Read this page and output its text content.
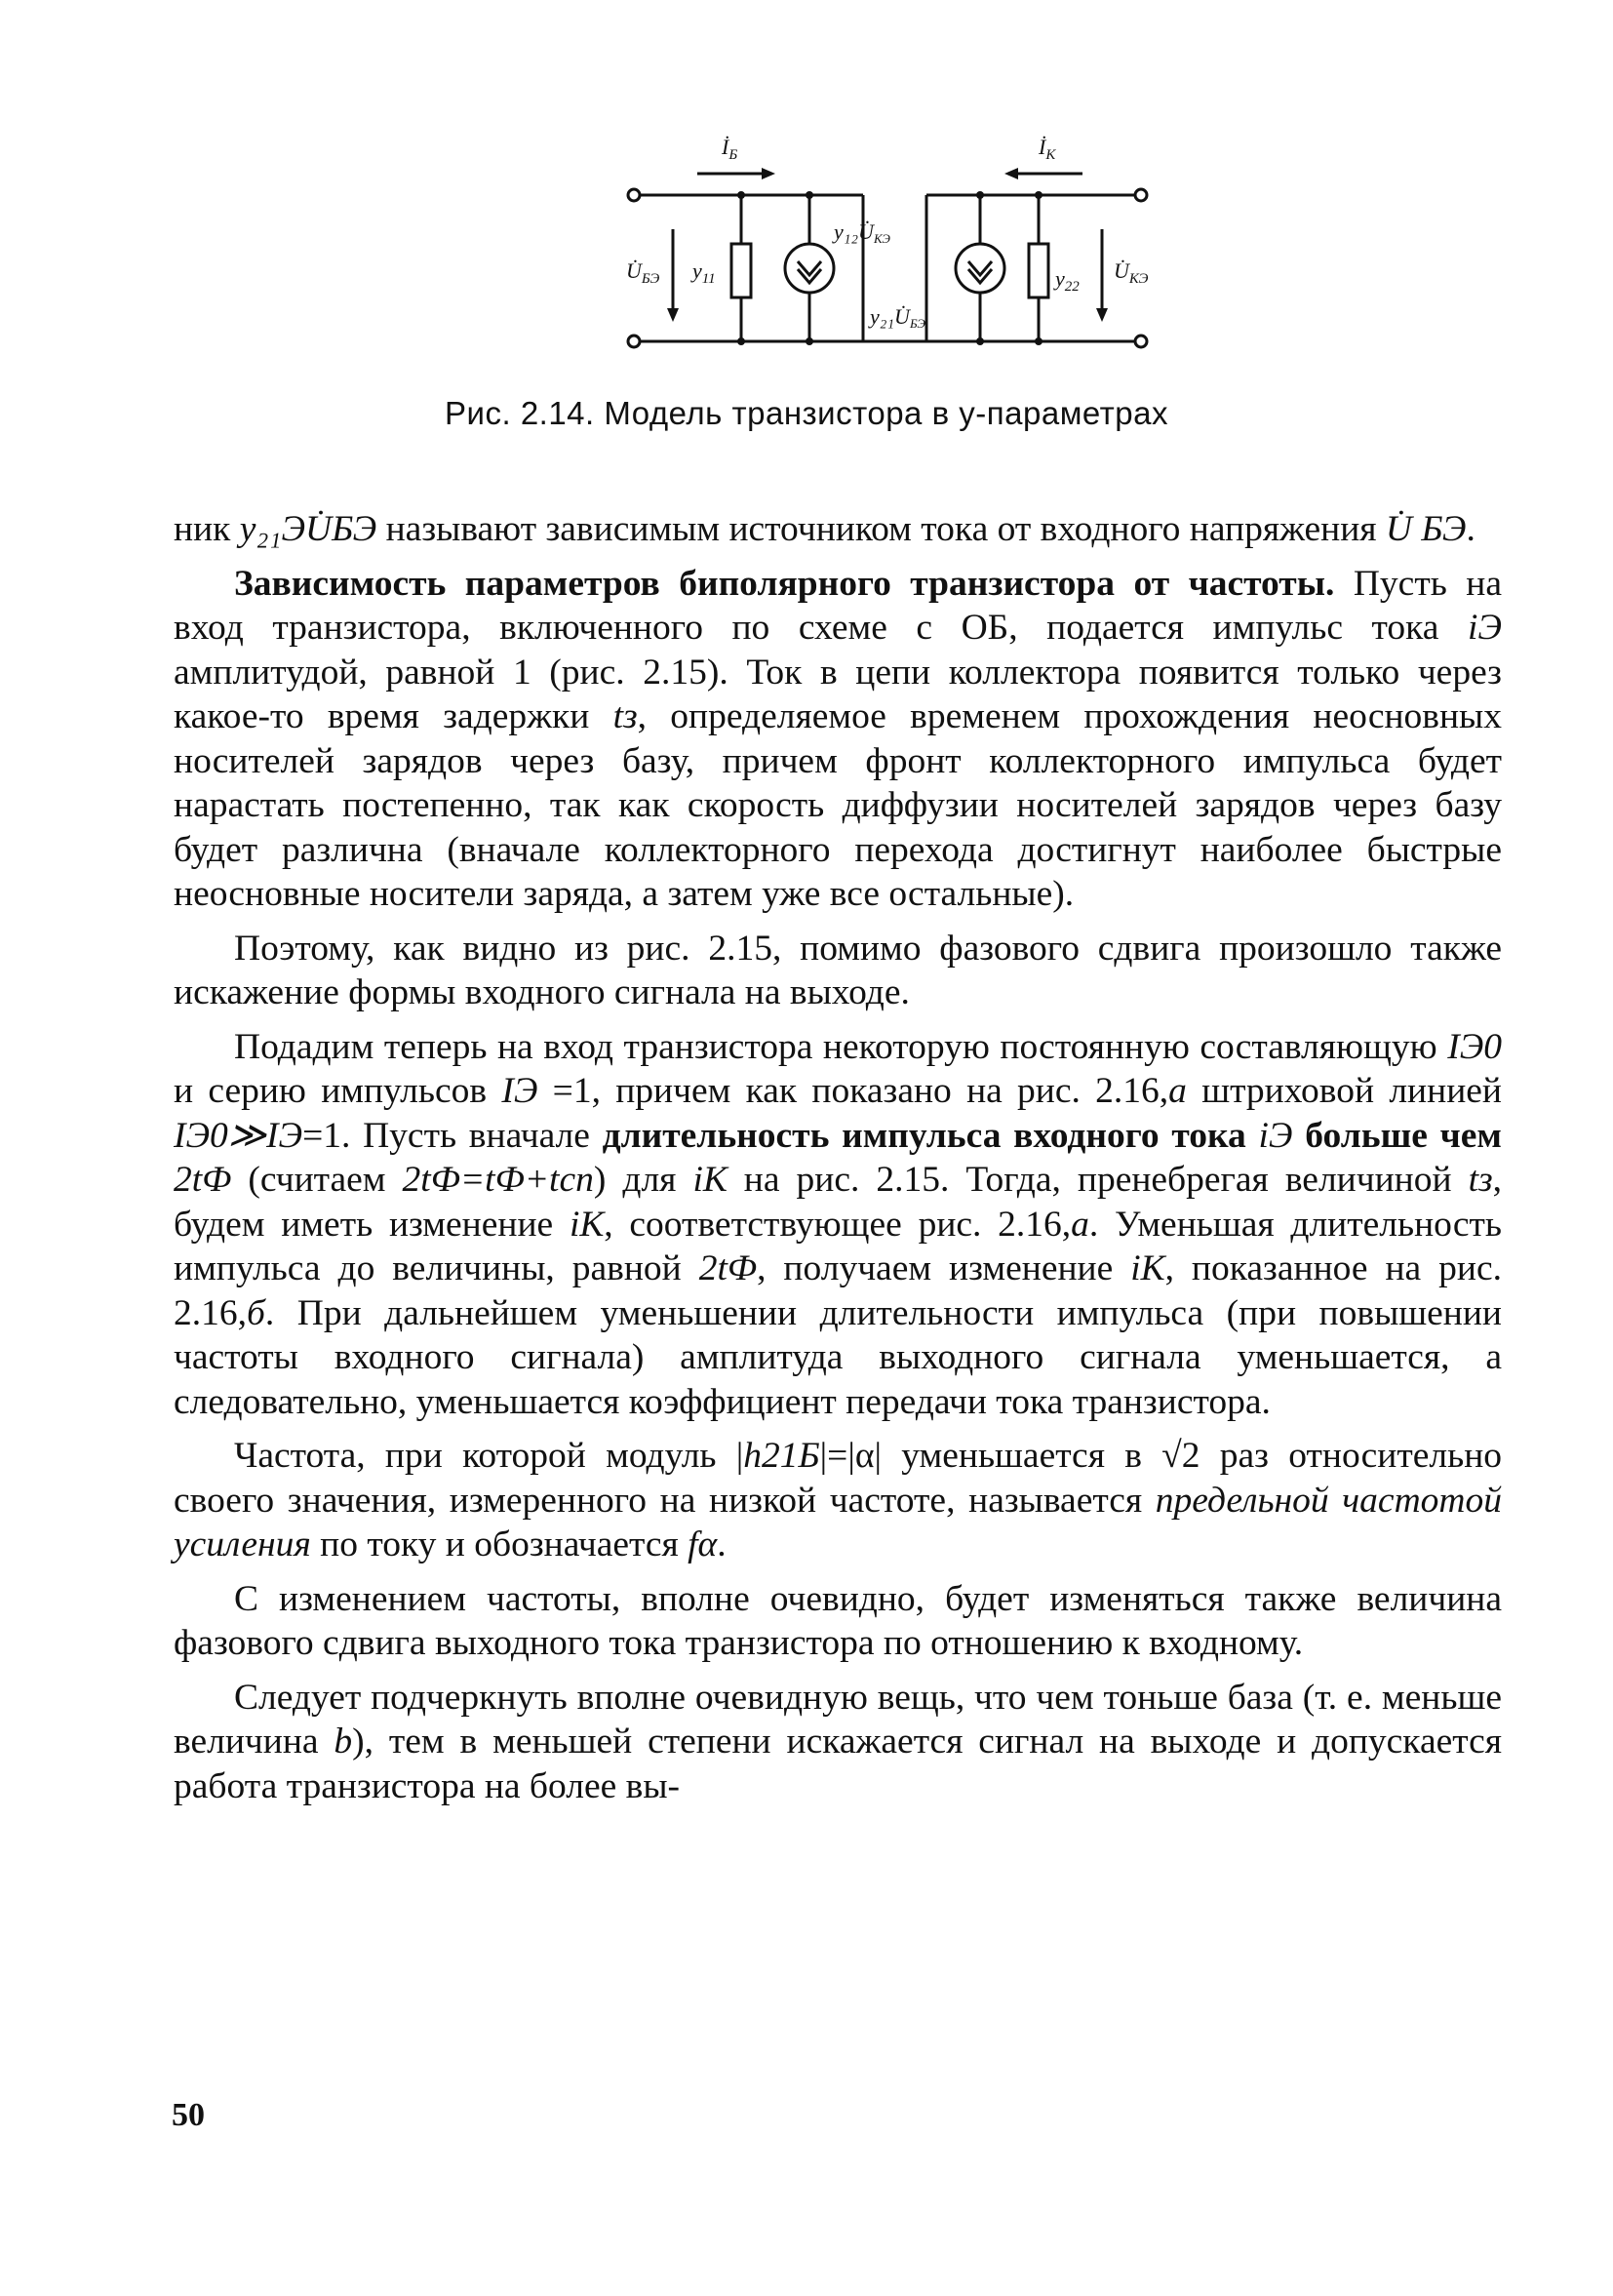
$İ_Б$	$İ_К$
$U̇_{БЭ}$	$U̇_{КЭ}$
$y_{11}$	$y_{22}$
y₁₂U̇КЭ
y₂₁U̇БЭ
Рис. 2.14. Модель транзистора в y-параметрах

ник y₂₁ЭU̇БЭ называют зависимым источником тока от входного напряжения U̇ БЭ.

Зависимость параметров биполярного транзистора от частоты. Пусть на вход транзистора, включенного по схеме с ОБ, подается импульс тока iЭ амплитудой, равной 1 (рис. 2.15). Ток в цепи коллектора появится только через какое-то время задержки tз, определяемое временем прохождения неосновных носителей зарядов через базу, причем фронт коллекторного импульса будет нарастать постепенно, так как скорость диффузии носителей зарядов через базу будет различна (вначале коллекторного перехода достигнут наиболее быстрые неосновные носители заряда, а затем уже все остальные).

Поэтому, как видно из рис. 2.15, помимо фазового сдвига произошло также искажение формы входного сигнала на выходе.

Подадим теперь на вход транзистора некоторую постоянную составляющую IЭ0 и серию импульсов IЭ =1, причем как показано на рис. 2.16,а штриховой линией IЭ0≫IЭ=1. Пусть вначале длительность импульса входного тока iЭ больше чем 2tФ (считаем 2tФ=tФ+tсп) для iК на рис. 2.15. Тогда, пренебрегая величиной tз, будем иметь изменение iК, соответствующее рис. 2.16,а. Уменьшая длительность импульса до величины, равной 2tФ, получаем изменение iК, показанное на рис. 2.16,б. При дальнейшем уменьшении длительности импульса (при повышении частоты входного сигнала) амплитуда выходного сигнала уменьшается, а следовательно, уменьшается коэффициент передачи тока транзистора.

Частота, при которой модуль |h21Б|=|α| уменьшается в √2 раз относительно своего значения, измеренного на низкой частоте, называется предельной частотой усиления по току и обозначается fα.

С изменением частоты, вполне очевидно, будет изменяться также величина фазового сдвига выходного тока транзистора по отношению к входному.

Следует подчеркнуть вполне очевидную вещь, что чем тоньше база (т. е. меньше величина b), тем в меньшей степени искажается сигнал на выходе и допускается работа транзистора на более вы-

50
